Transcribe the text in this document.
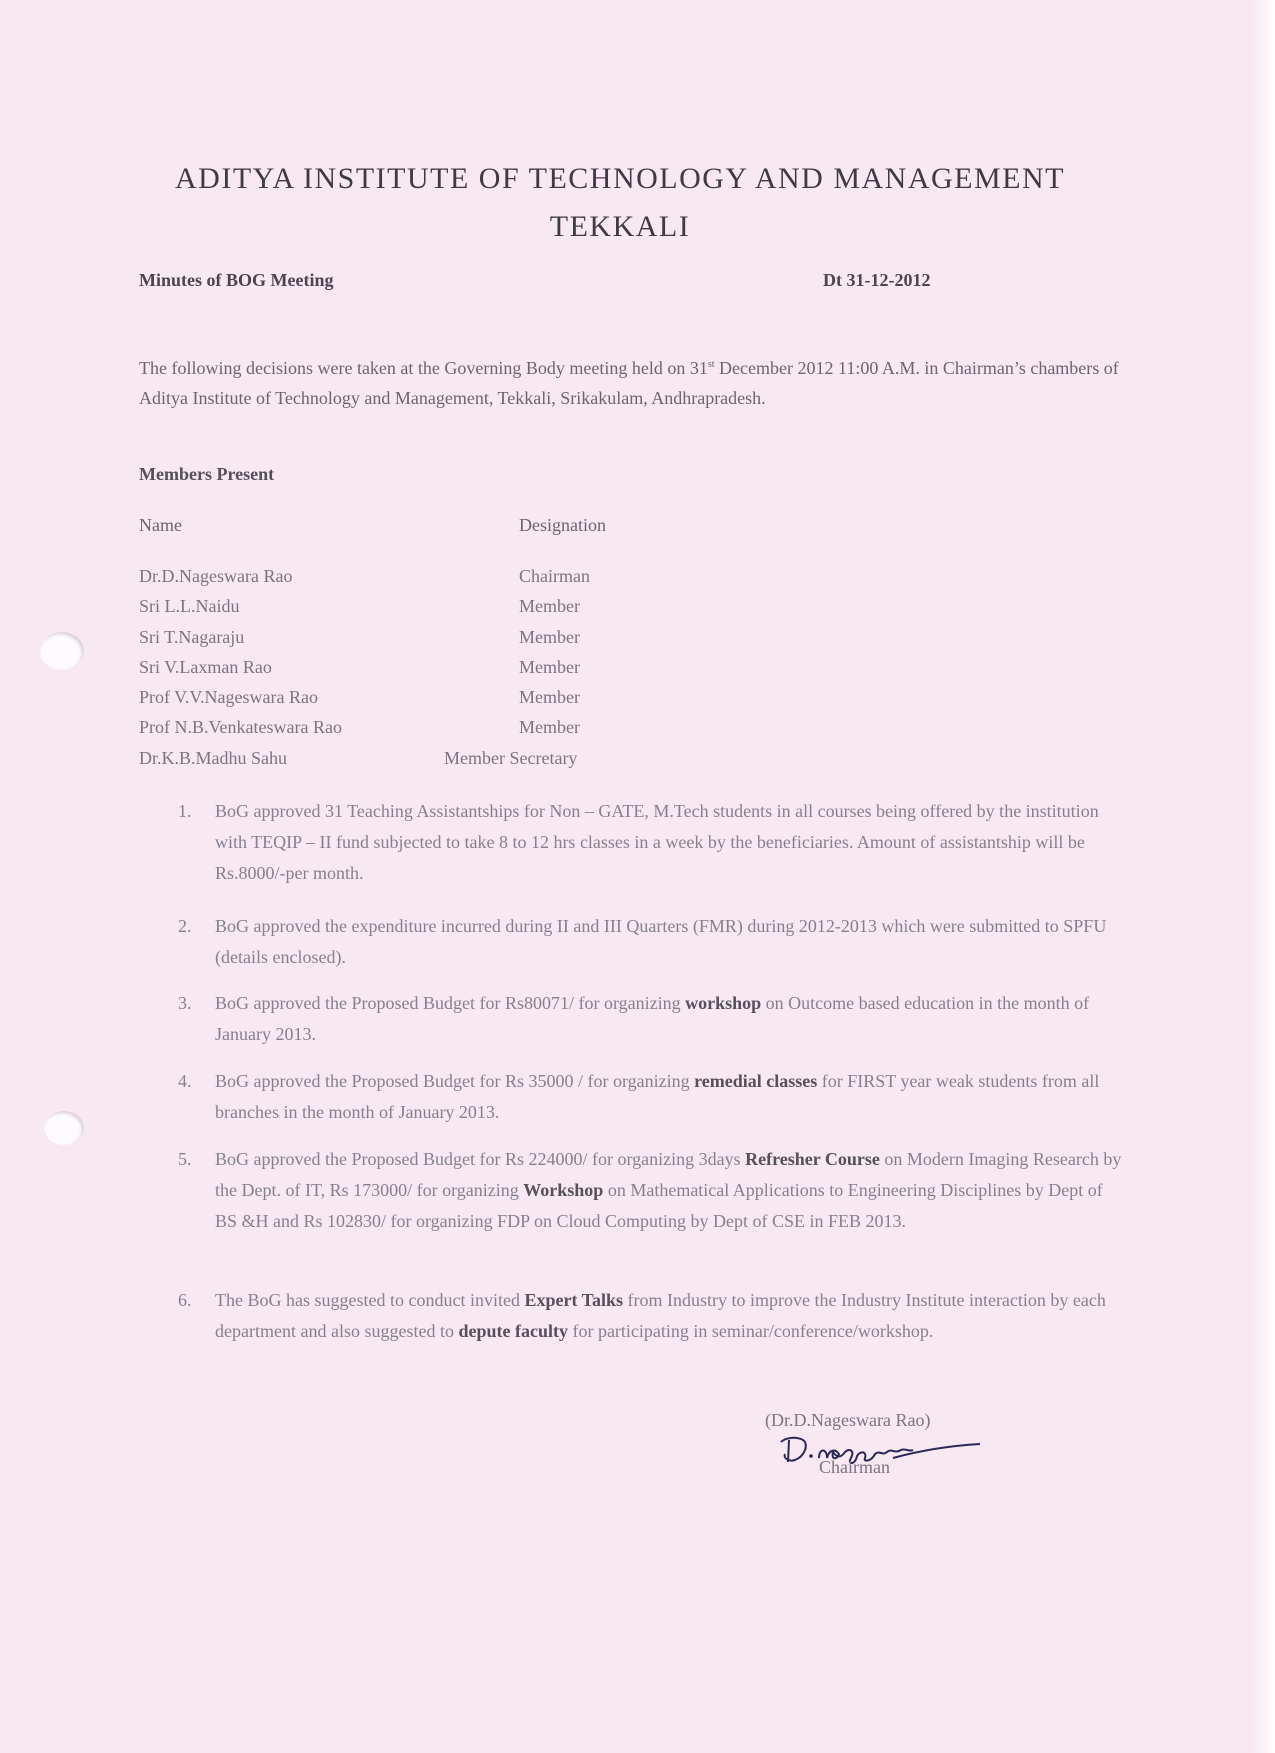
ADITYA INSTITUTE OF TECHNOLOGY AND MANAGEMENT
TEKKALI
Minutes of BOG Meeting	Dt 31-12-2012
The following decisions were taken at the Governing Body meeting held on 31st December 2012 11:00 A.M. in Chairman’s chambers of Aditya Institute of Technology and Management, Tekkali, Srikakulam, Andhrapradesh.
Members Present
Name	Designation
Dr.D.Nageswara Rao	Chairman
Sri L.L.Naidu	Member
Sri T.Nagaraju	Member
Sri V.Laxman Rao	Member
Prof V.V.Nageswara Rao	Member
Prof N.B.Venkateswara Rao	Member
Dr.K.B.Madhu Sahu	Member Secretary
1.	BoG approved 31 Teaching Assistantships for Non – GATE, M.Tech students in all courses being offered by the institution with TEQIP – II fund subjected to take 8 to 12 hrs classes in a week by the beneficiaries. Amount of assistantship will be Rs.8000/-per month.
2.	BoG approved the expenditure incurred during II and III Quarters (FMR) during 2012-2013 which were submitted to SPFU (details enclosed).
3.	BoG approved the Proposed Budget for Rs80071/ for organizing workshop on Outcome based education in the month of January 2013.
4.	BoG approved the Proposed Budget for Rs 35000 / for organizing remedial classes for FIRST year weak students from all branches in the month of January 2013.
5.	BoG approved the Proposed Budget for Rs 224000/ for organizing 3days Refresher Course on Modern Imaging Research by the Dept. of IT, Rs 173000/ for organizing Workshop on Mathematical Applications to Engineering Disciplines by Dept of BS &H and Rs 102830/ for organizing FDP on Cloud Computing by Dept of CSE in FEB 2013.
6.	The BoG has suggested to conduct invited Expert Talks from Industry to improve the Industry Institute interaction by each department and also suggested to depute faculty for participating in seminar/conference/workshop.
(Dr.D.Nageswara Rao)
Chairman
